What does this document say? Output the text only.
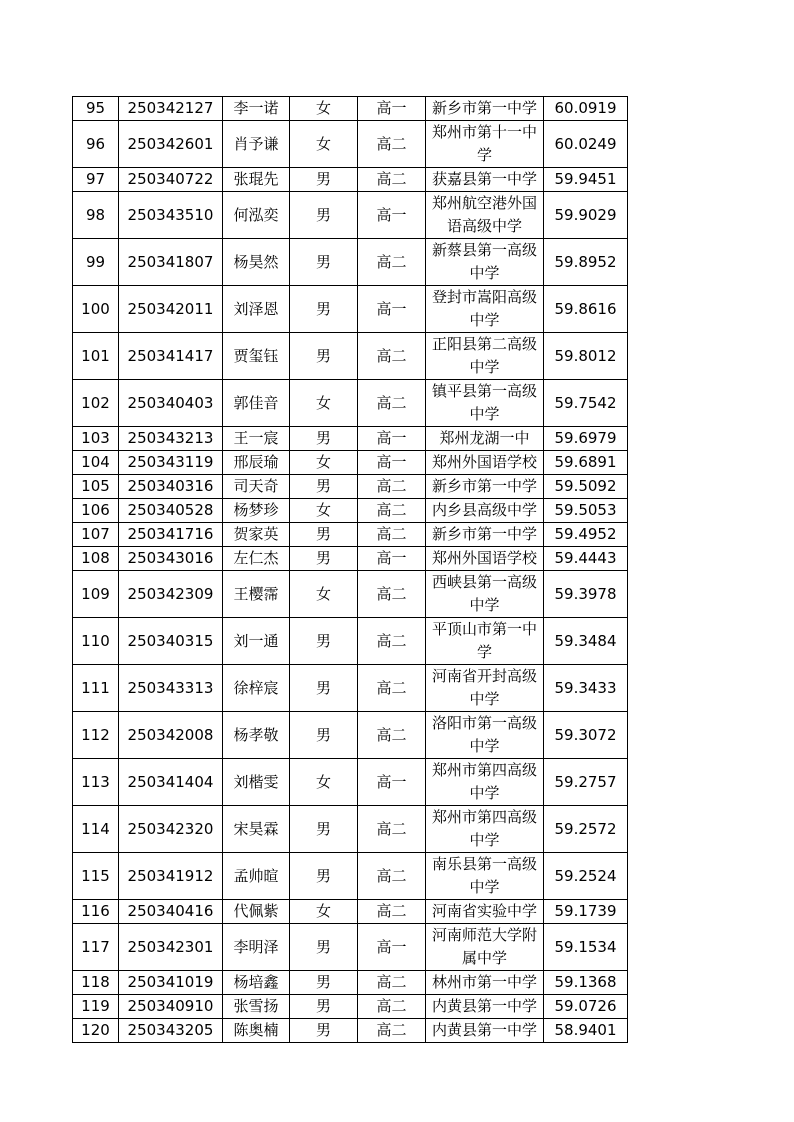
95	250342127	李一诺	女	高一	新乡市第一中学	60.0919
96	250342601	肖予谦	女	高二	郑州市第十一中学	60.0249
97	250340722	张琨先	男	高二	获嘉县第一中学	59.9451
98	250343510	何泓奕	男	高一	郑州航空港外国语高级中学	59.9029
99	250341807	杨昊然	男	高二	新蔡县第一高级中学	59.8952
100	250342011	刘泽恩	男	高一	登封市嵩阳高级中学	59.8616
101	250341417	贾玺钰	男	高二	正阳县第二高级中学	59.8012
102	250340403	郭佳音	女	高二	镇平县第一高级中学	59.7542
103	250343213	王一宸	男	高一	郑州龙湖一中	59.6979
104	250343119	邢辰瑜	女	高一	郑州外国语学校	59.6891
105	250340316	司天奇	男	高二	新乡市第一中学	59.5092
106	250340528	杨梦珍	女	高二	内乡县高级中学	59.5053
107	250341716	贺家英	男	高二	新乡市第一中学	59.4952
108	250343016	左仁杰	男	高一	郑州外国语学校	59.4443
109	250342309	王樱霈	女	高二	西峡县第一高级中学	59.3978
110	250340315	刘一通	男	高二	平顶山市第一中学	59.3484
111	250343313	徐梓宸	男	高二	河南省开封高级中学	59.3433
112	250342008	杨孝敬	男	高二	洛阳市第一高级中学	59.3072
113	250341404	刘楷雯	女	高一	郑州市第四高级中学	59.2757
114	250342320	宋昊霖	男	高二	郑州市第四高级中学	59.2572
115	250341912	孟帅暄	男	高二	南乐县第一高级中学	59.2524
116	250340416	代佩紫	女	高二	河南省实验中学	59.1739
117	250342301	李明泽	男	高一	河南师范大学附属中学	59.1534
118	250341019	杨培鑫	男	高二	林州市第一中学	59.1368
119	250340910	张雪扬	男	高二	内黄县第一中学	59.0726
120	250343205	陈奥楠	男	高二	内黄县第一中学	58.9401
